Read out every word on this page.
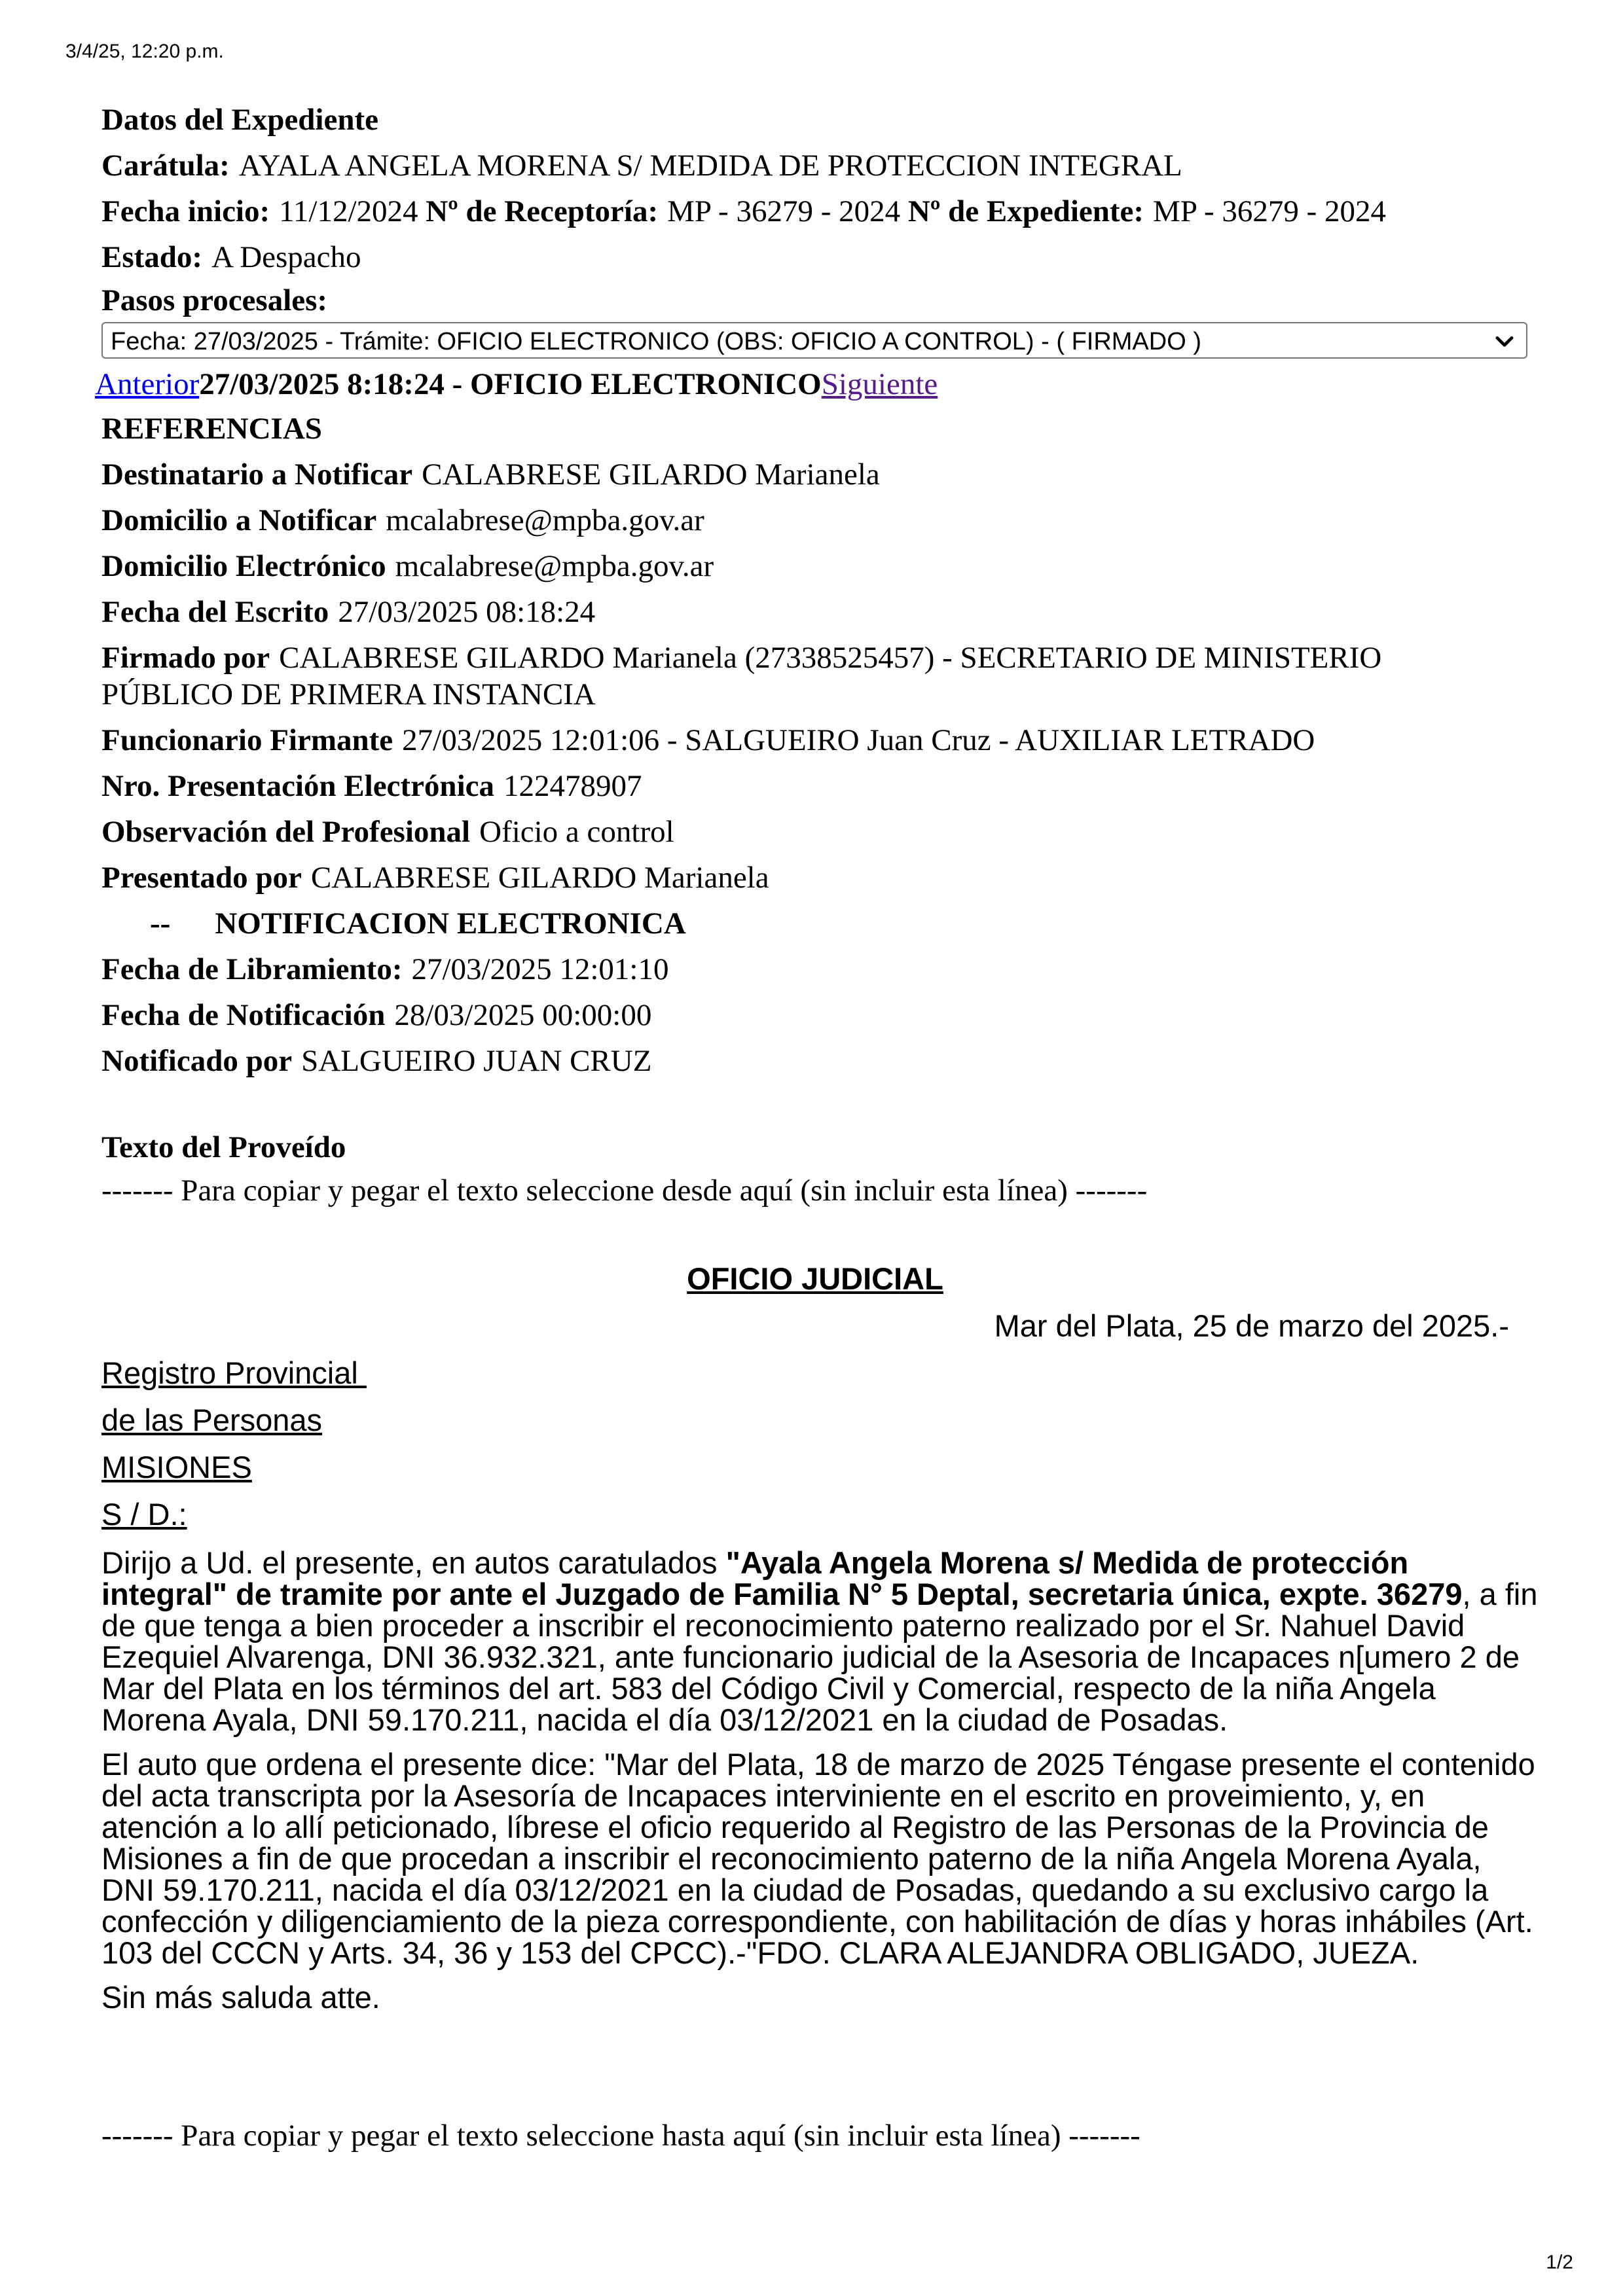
3/4/25, 12:20 p.m.
Datos del Expediente
Carátula: AYALA ANGELA MORENA S/ MEDIDA DE PROTECCION INTEGRAL
Fecha inicio: 11/12/2024 Nº de Receptoría: MP - 36279 - 2024 Nº de Expediente: MP - 36279 - 2024
Estado: A Despacho
Pasos procesales:
Fecha: 27/03/2025 - Trámite: OFICIO ELECTRONICO (OBS: OFICIO A CONTROL) - ( FIRMADO )
Anterior27/03/2025 8:18:24 - OFICIO ELECTRONICOSiguiente
REFERENCIAS
Destinatario a Notificar CALABRESE GILARDO Marianela
Domicilio a Notificar mcalabrese@mpba.gov.ar
Domicilio Electrónico mcalabrese@mpba.gov.ar
Fecha del Escrito 27/03/2025 08:18:24
Firmado por CALABRESE GILARDO Marianela (27338525457) - SECRETARIO DE MINISTERIO
PÚBLICO DE PRIMERA INSTANCIA
Funcionario Firmante 27/03/2025 12:01:06 - SALGUEIRO Juan Cruz - AUXILIAR LETRADO
Nro. Presentación Electrónica 122478907
Observación del Profesional Oficio a control
Presentado por CALABRESE GILARDO Marianela
-- NOTIFICACION ELECTRONICA
Fecha de Libramiento: 27/03/2025 12:01:10
Fecha de Notificación 28/03/2025 00:00:00
Notificado por SALGUEIRO JUAN CRUZ
Texto del Proveído
------- Para copiar y pegar el texto seleccione desde aquí (sin incluir esta línea) -------
OFICIO JUDICIAL
Mar del Plata, 25 de marzo del 2025.-
Registro Provincial
de las Personas
MISIONES
S / D.:
Dirijo a Ud. el presente, en autos caratulados "Ayala Angela Morena s/ Medida de protección integral" de tramite por ante el Juzgado de Familia N° 5 Deptal, secretaria única, expte. 36279, a fin de que tenga a bien proceder a inscribir el reconocimiento paterno realizado por el Sr. Nahuel David Ezequiel Alvarenga, DNI 36.932.321, ante funcionario judicial de la Asesoria de Incapaces n[umero 2 de Mar del Plata en los términos del art. 583 del Código Civil y Comercial, respecto de la niña Angela Morena Ayala, DNI 59.170.211, nacida el día 03/12/2021 en la ciudad de Posadas.
El auto que ordena el presente dice: "Mar del Plata, 18 de marzo de 2025 Téngase presente el contenido del acta transcripta por la Asesoría de Incapaces interviniente en el escrito en proveimiento, y, en atención a lo allí peticionado, líbrese el oficio requerido al Registro de las Personas de la Provincia de Misiones a fin de que procedan a inscribir el reconocimiento paterno de la niña Angela Morena Ayala, DNI 59.170.211, nacida el día 03/12/2021 en la ciudad de Posadas, quedando a su exclusivo cargo la confección y diligenciamiento de la pieza correspondiente, con habilitación de días y horas inhábiles (Art. 103 del CCCN y Arts. 34, 36 y 153 del CPCC).-"FDO. CLARA ALEJANDRA OBLIGADO, JUEZA.
Sin más saluda atte.
------- Para copiar y pegar el texto seleccione hasta aquí (sin incluir esta línea) -------
1/2
